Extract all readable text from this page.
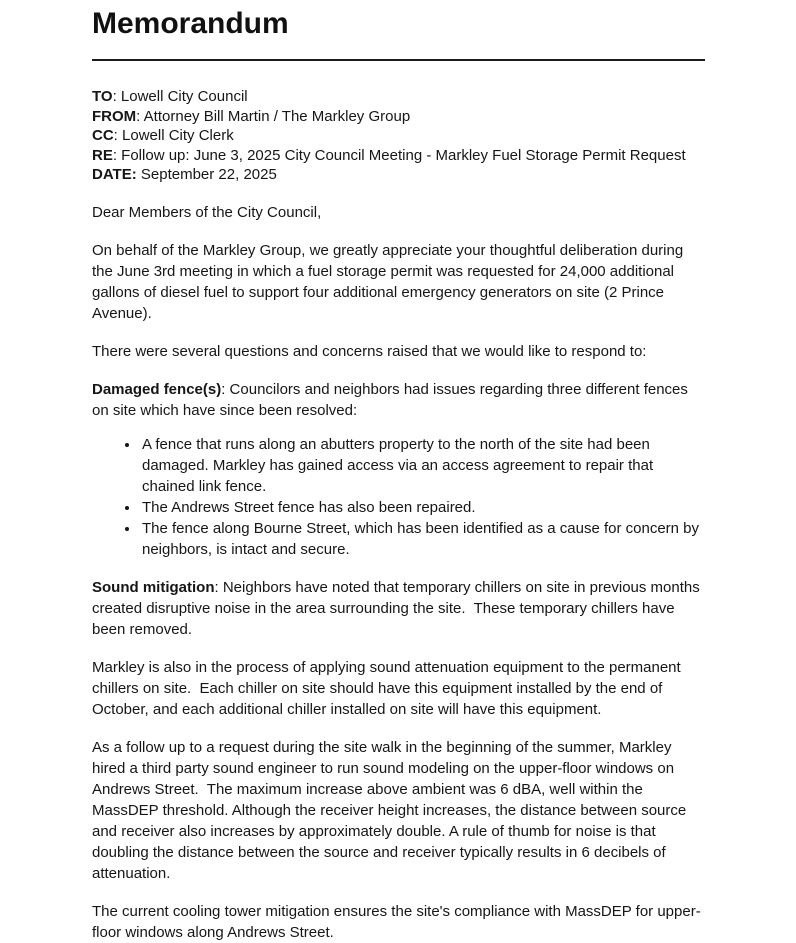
Memorandum
TO: Lowell City Council
FROM: Attorney Bill Martin / The Markley Group
CC: Lowell City Clerk
RE: Follow up: June 3, 2025 City Council Meeting - Markley Fuel Storage Permit Request
DATE: September 22, 2025

Dear Members of the City Council,

On behalf of the Markley Group, we greatly appreciate your thoughtful deliberation during the June 3rd meeting in which a fuel storage permit was requested for 24,000 additional gallons of diesel fuel to support four additional emergency generators on site (2 Prince Avenue).

There were several questions and concerns raised that we would like to respond to:

Damaged fence(s): Councilors and neighbors had issues regarding three different fences on site which have since been resolved:

• A fence that runs along an abutters property to the north of the site had been damaged. Markley has gained access via an access agreement to repair that chained link fence.
• The Andrews Street fence has also been repaired.
• The fence along Bourne Street, which has been identified as a cause for concern by neighbors, is intact and secure.

Sound mitigation: Neighbors have noted that temporary chillers on site in previous months created disruptive noise in the area surrounding the site.  These temporary chillers have been removed.

Markley is also in the process of applying sound attenuation equipment to the permanent chillers on site.  Each chiller on site should have this equipment installed by the end of October, and each additional chiller installed on site will have this equipment.

As a follow up to a request during the site walk in the beginning of the summer, Markley hired a third party sound engineer to run sound modeling on the upper-floor windows on Andrews Street.  The maximum increase above ambient was 6 dBA, well within the MassDEP threshold. Although the receiver height increases, the distance between source and receiver also increases by approximately double. A rule of thumb for noise is that doubling the distance between the source and receiver typically results in 6 decibels of attenuation.

The current cooling tower mitigation ensures the site's compliance with MassDEP for upper-floor windows along Andrews Street.
